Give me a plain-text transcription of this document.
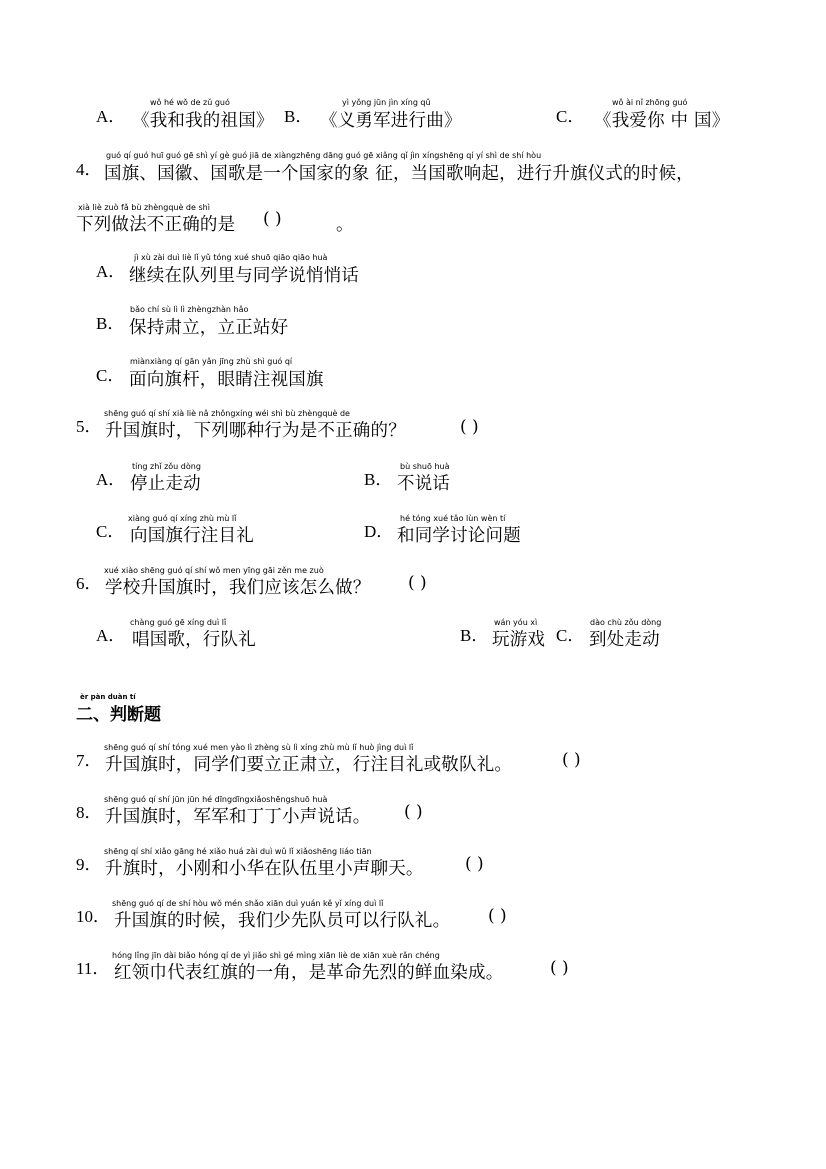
A．
wǒ hé wǒ de zǔ guó
《我和我的祖国》 B．
yì yǒng jūn jìn xíng qǔ
《义勇军进行曲》	C．
wǒ ài nǐ zhōng guó
《我爱你 中 国》
4．
guó qí guó huī guó gē shì yí gè guó jiā de xiàngzhēng dāng guó gē xiǎng qǐ jìn xíngshēng qí yí shì de shí hòu
国旗、国徽、国歌是一个国家的象 征，当国歌响起，进行升旗仪式的时候，
xià liè zuò fǎ bù zhèngquè de shì
下列做法不正确的是 ( )	。
A．
jì xù zài duì liè lǐ yǔ tóng xué shuō qiāo qiāo huà
继续在队列里与同学说悄悄话
B．
bǎo chí sù lì lì zhèngzhàn hǎo
保持肃立，立正站好
C．
miànxiàng qí gān yǎn jīng zhù shì guó qí
面向旗杆，眼睛注视国旗
5．
shēng guó qí shí xià liè nǎ zhǒngxíng wéi shì bù zhèngquè de
升国旗时，下列哪种行为是不正确的？	( )
A．
tíng zhǐ zǒu dòng
停止走动	B．
bù shuō huà
不说话
C．
xiàng guó qí xíng zhù mù lǐ
向国旗行注目礼	D．
hé tóng xué tǎo lùn wèn tí
和同学讨论问题
6．
xué xiào shēng guó qí shí wǒ men yīng gāi zěn me zuò
学校升国旗时，我们应该怎么做？ ( )
A．
chàng guó gē xíng duì lǐ
唱国歌，行队礼	B．
wán yóu xì
玩游戏 C．
dào chù zǒu dòng
到处走动
èr pàn duàn tí
二、判断题
7．
shēng guó qí shí tóng xué men yào lì zhèng sù lì xíng zhù mù lǐ huò jìng duì lǐ
升国旗时，同学们要立正肃立，行注目礼或敬队礼。	( )
8．
shēng guó qí shí jūn jūn hé dīngdīngxiǎoshēngshuō huà
升国旗时，军军和丁丁小声说话。 ( )
9．
shēng qí shí xiǎo gāng hé xiǎo huá zài duì wǔ lǐ xiǎoshēng liáo tiān
升旗时，小刚和小华在队伍里小声聊天。 ( )
10．
shēng guó qí de shí hòu wǒ mén shǎo xiān duì yuán kě yǐ xíng duì lǐ
升国旗的时候，我们少先队员可以行队礼。 ( )
11．
hóng lǐng jīn dài biǎo hóng qí de yì jiǎo shì gé mìng xiān liè de xiān xuè rǎn chéng
红领巾代表红旗的一角，是革命先烈的鲜血染成。	( )
